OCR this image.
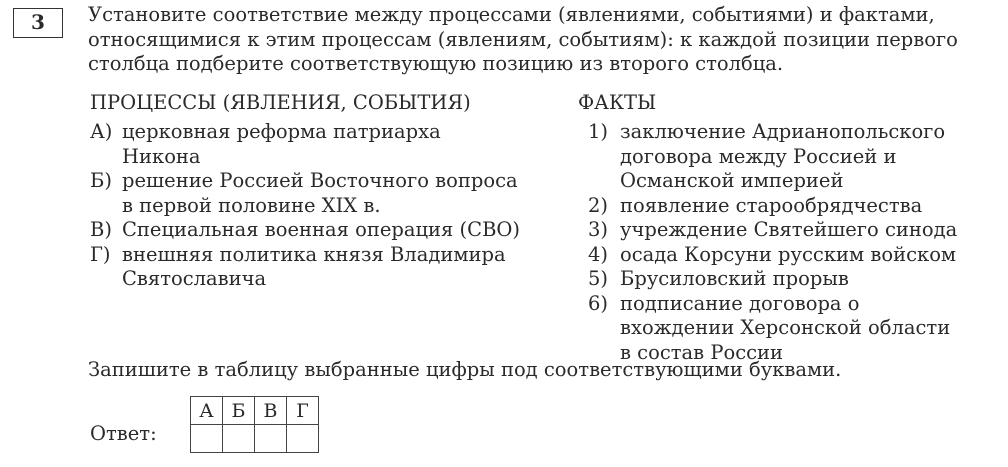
3	Установите соответствие между процессами (явлениями, событиями) и фактами, относящимися к этим процессам (явлениям, событиям): к каждой позиции первого столбца подберите соответствующую позицию из второго столбца.
ПРОЦЕССЫ (ЯВЛЕНИЯ, СОБЫТИЯ)	ФАКТЫ
А) церковная реформа патриарха Никона
Б) решение Россией Восточного вопроса в первой половине XIX в.
В) Специальная военная операция (СВО)
Г) внешняя политика князя Владимира Святославича
1) заключение Адрианопольского договора между Россией и Османской империей
2) появление старообрядчества
3) учреждение Святейшего синода
4) осада Корсуни русским войском
5) Брусиловский прорыв
6) подписание договора о вхождении Херсонской области в состав России
Запишите в таблицу выбранные цифры под соответствующими буквами.
Ответ:
А	Б	В	Г
